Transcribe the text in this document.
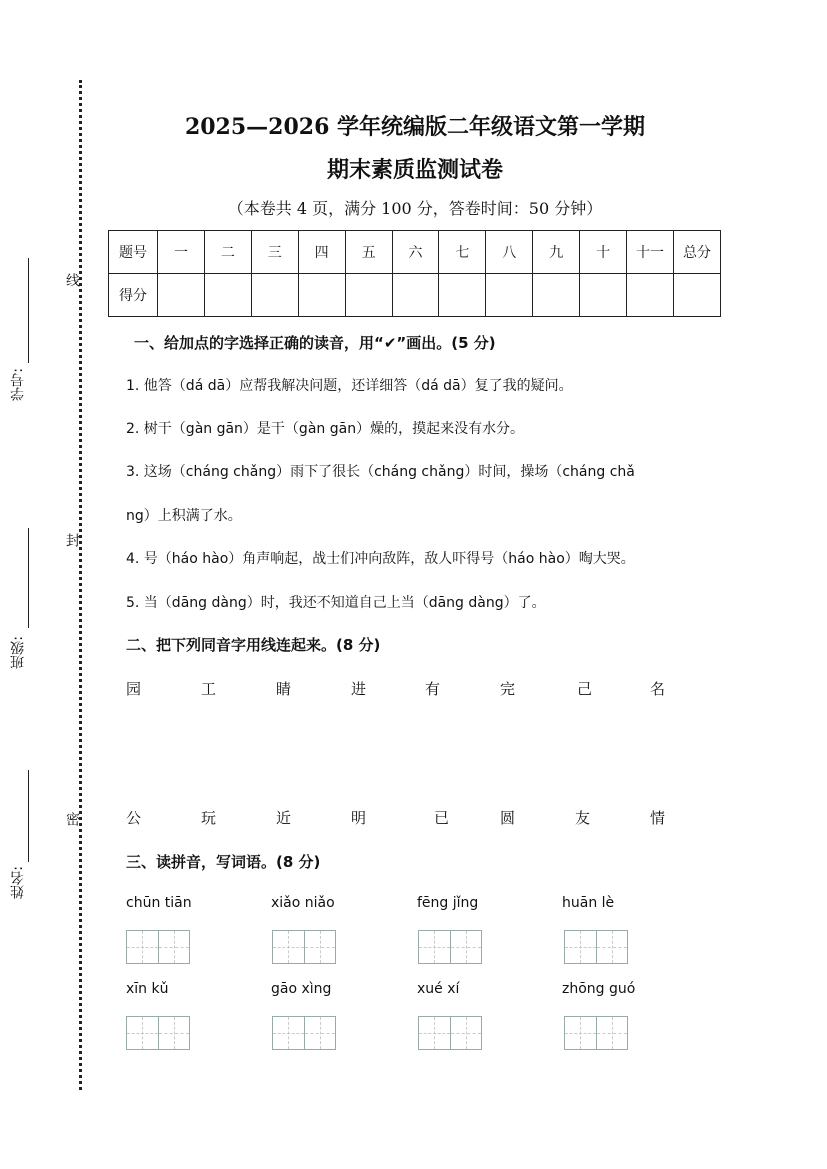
学号:
班级:
姓名:
线
封
密
2025—2026 学年统编版二年级语文第一学期
期末素质监测试卷
（本卷共 4 页，满分 100 分，答卷时间：50 分钟）
题号	一	二	三	四	五	六	七	八	九	十	十一	总分
得分												
一、给加点的字选择正确的读音，用“✔”画出。(5 分)
1. 他答（dá dā）应帮我解决问题，还详细答（dá dā）复了我的疑问。
2. 树干（gàn gān）是干（gàn gān）燥的，摸起来没有水分。
3. 这场（cháng chǎng）雨下了很长（cháng chǎng）时间，操场（cháng chǎ
ng）上积满了水。
4. 号（háo hào）角声响起，战士们冲向敌阵，敌人吓得号（háo hào）啕大哭。
5. 当（dāng dàng）时，我还不知道自己上当（dāng dàng）了。
二、把下列同音字用线连起来。(8 分)
园	工	睛	进	有	完	己	名
公	玩	近	明	已	圆	友	情
三、读拼音，写词语。(8 分)
chūn tiān	xiǎo niǎo	fēng jǐng	huān lè
xīn kǔ	gāo xìng	xué xí	zhōng guó
